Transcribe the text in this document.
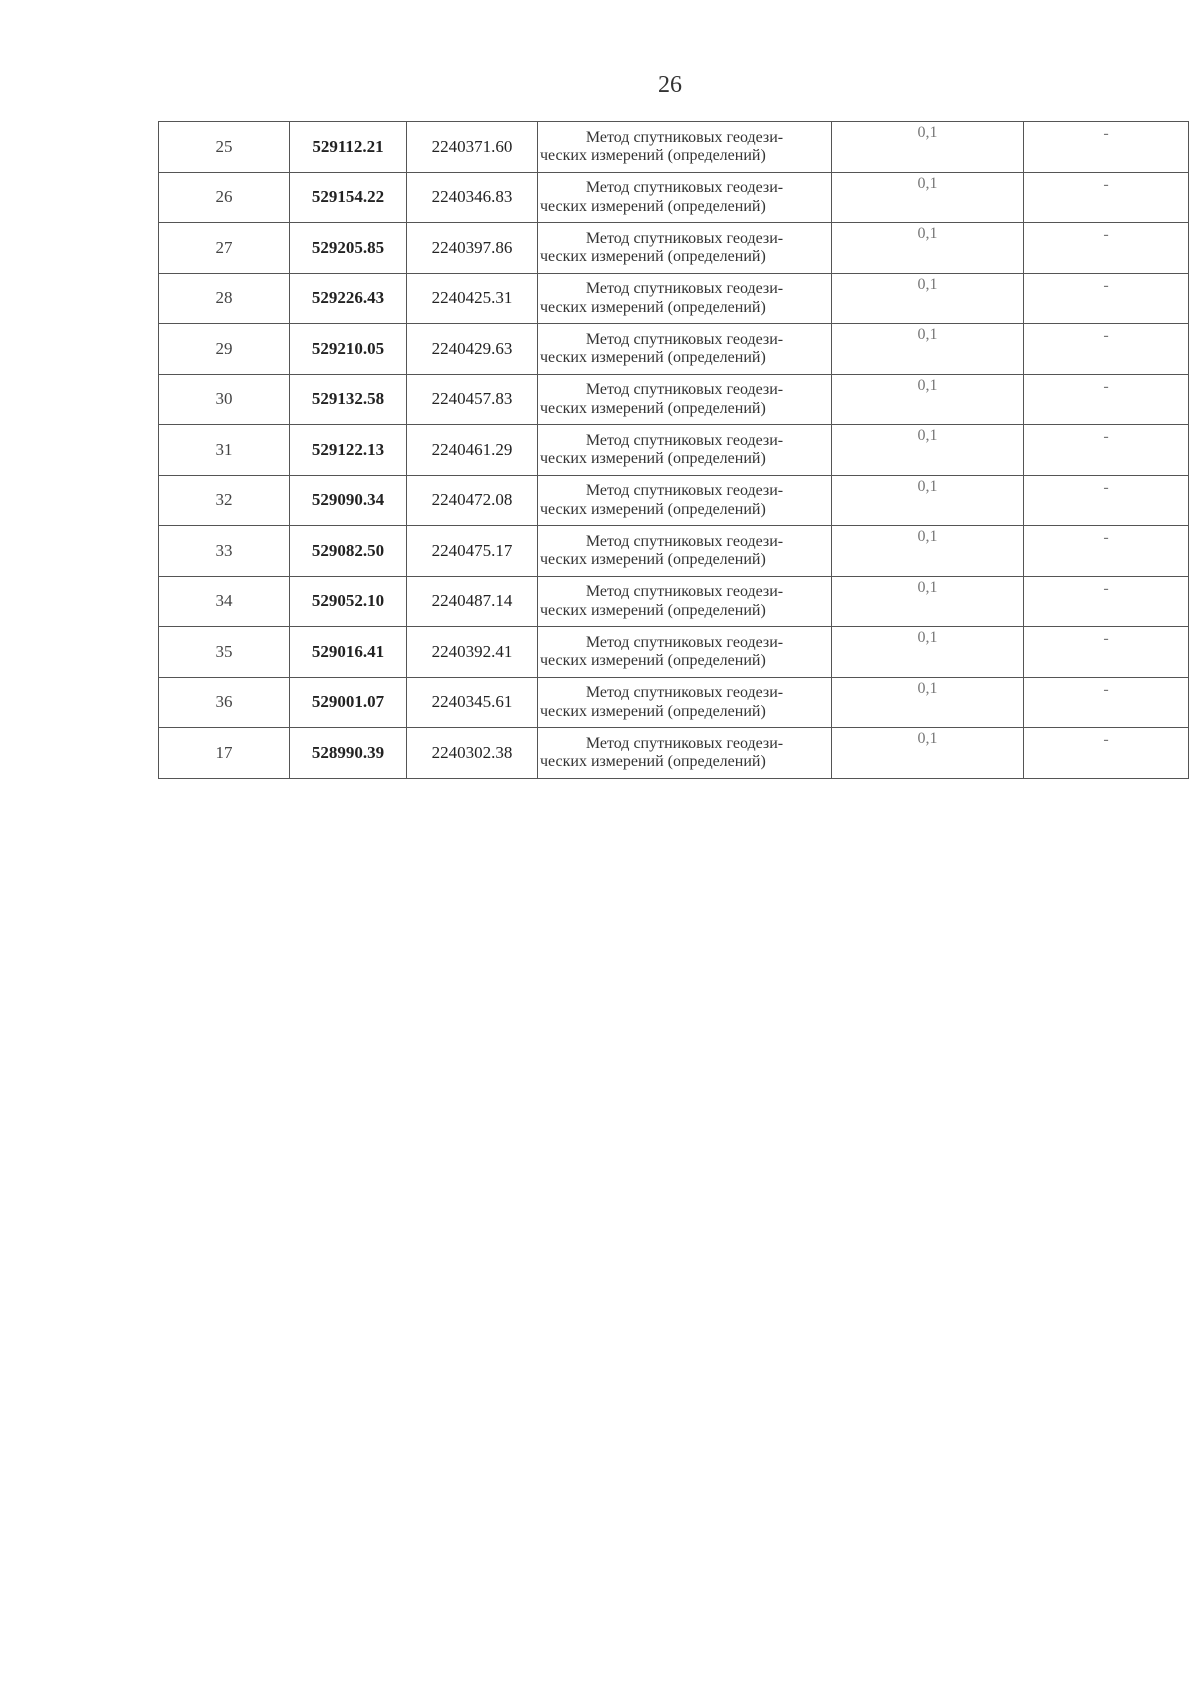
26
25	529112.21	2240371.60	Метод спутниковых геодези-
ческих измерений (определений)	0,1	-
26	529154.22	2240346.83	Метод спутниковых геодези-
ческих измерений (определений)	0,1	-
27	529205.85	2240397.86	Метод спутниковых геодези-
ческих измерений (определений)	0,1	-
28	529226.43	2240425.31	Метод спутниковых геодези-
ческих измерений (определений)	0,1	-
29	529210.05	2240429.63	Метод спутниковых геодези-
ческих измерений (определений)	0,1	-
30	529132.58	2240457.83	Метод спутниковых геодези-
ческих измерений (определений)	0,1	-
31	529122.13	2240461.29	Метод спутниковых геодези-
ческих измерений (определений)	0,1	-
32	529090.34	2240472.08	Метод спутниковых геодези-
ческих измерений (определений)	0,1	-
33	529082.50	2240475.17	Метод спутниковых геодези-
ческих измерений (определений)	0,1	-
34	529052.10	2240487.14	Метод спутниковых геодези-
ческих измерений (определений)	0,1	-
35	529016.41	2240392.41	Метод спутниковых геодези-
ческих измерений (определений)	0,1	-
36	529001.07	2240345.61	Метод спутниковых геодези-
ческих измерений (определений)	0,1	-
17	528990.39	2240302.38	Метод спутниковых геодези-
ческих измерений (определений)	0,1	-
